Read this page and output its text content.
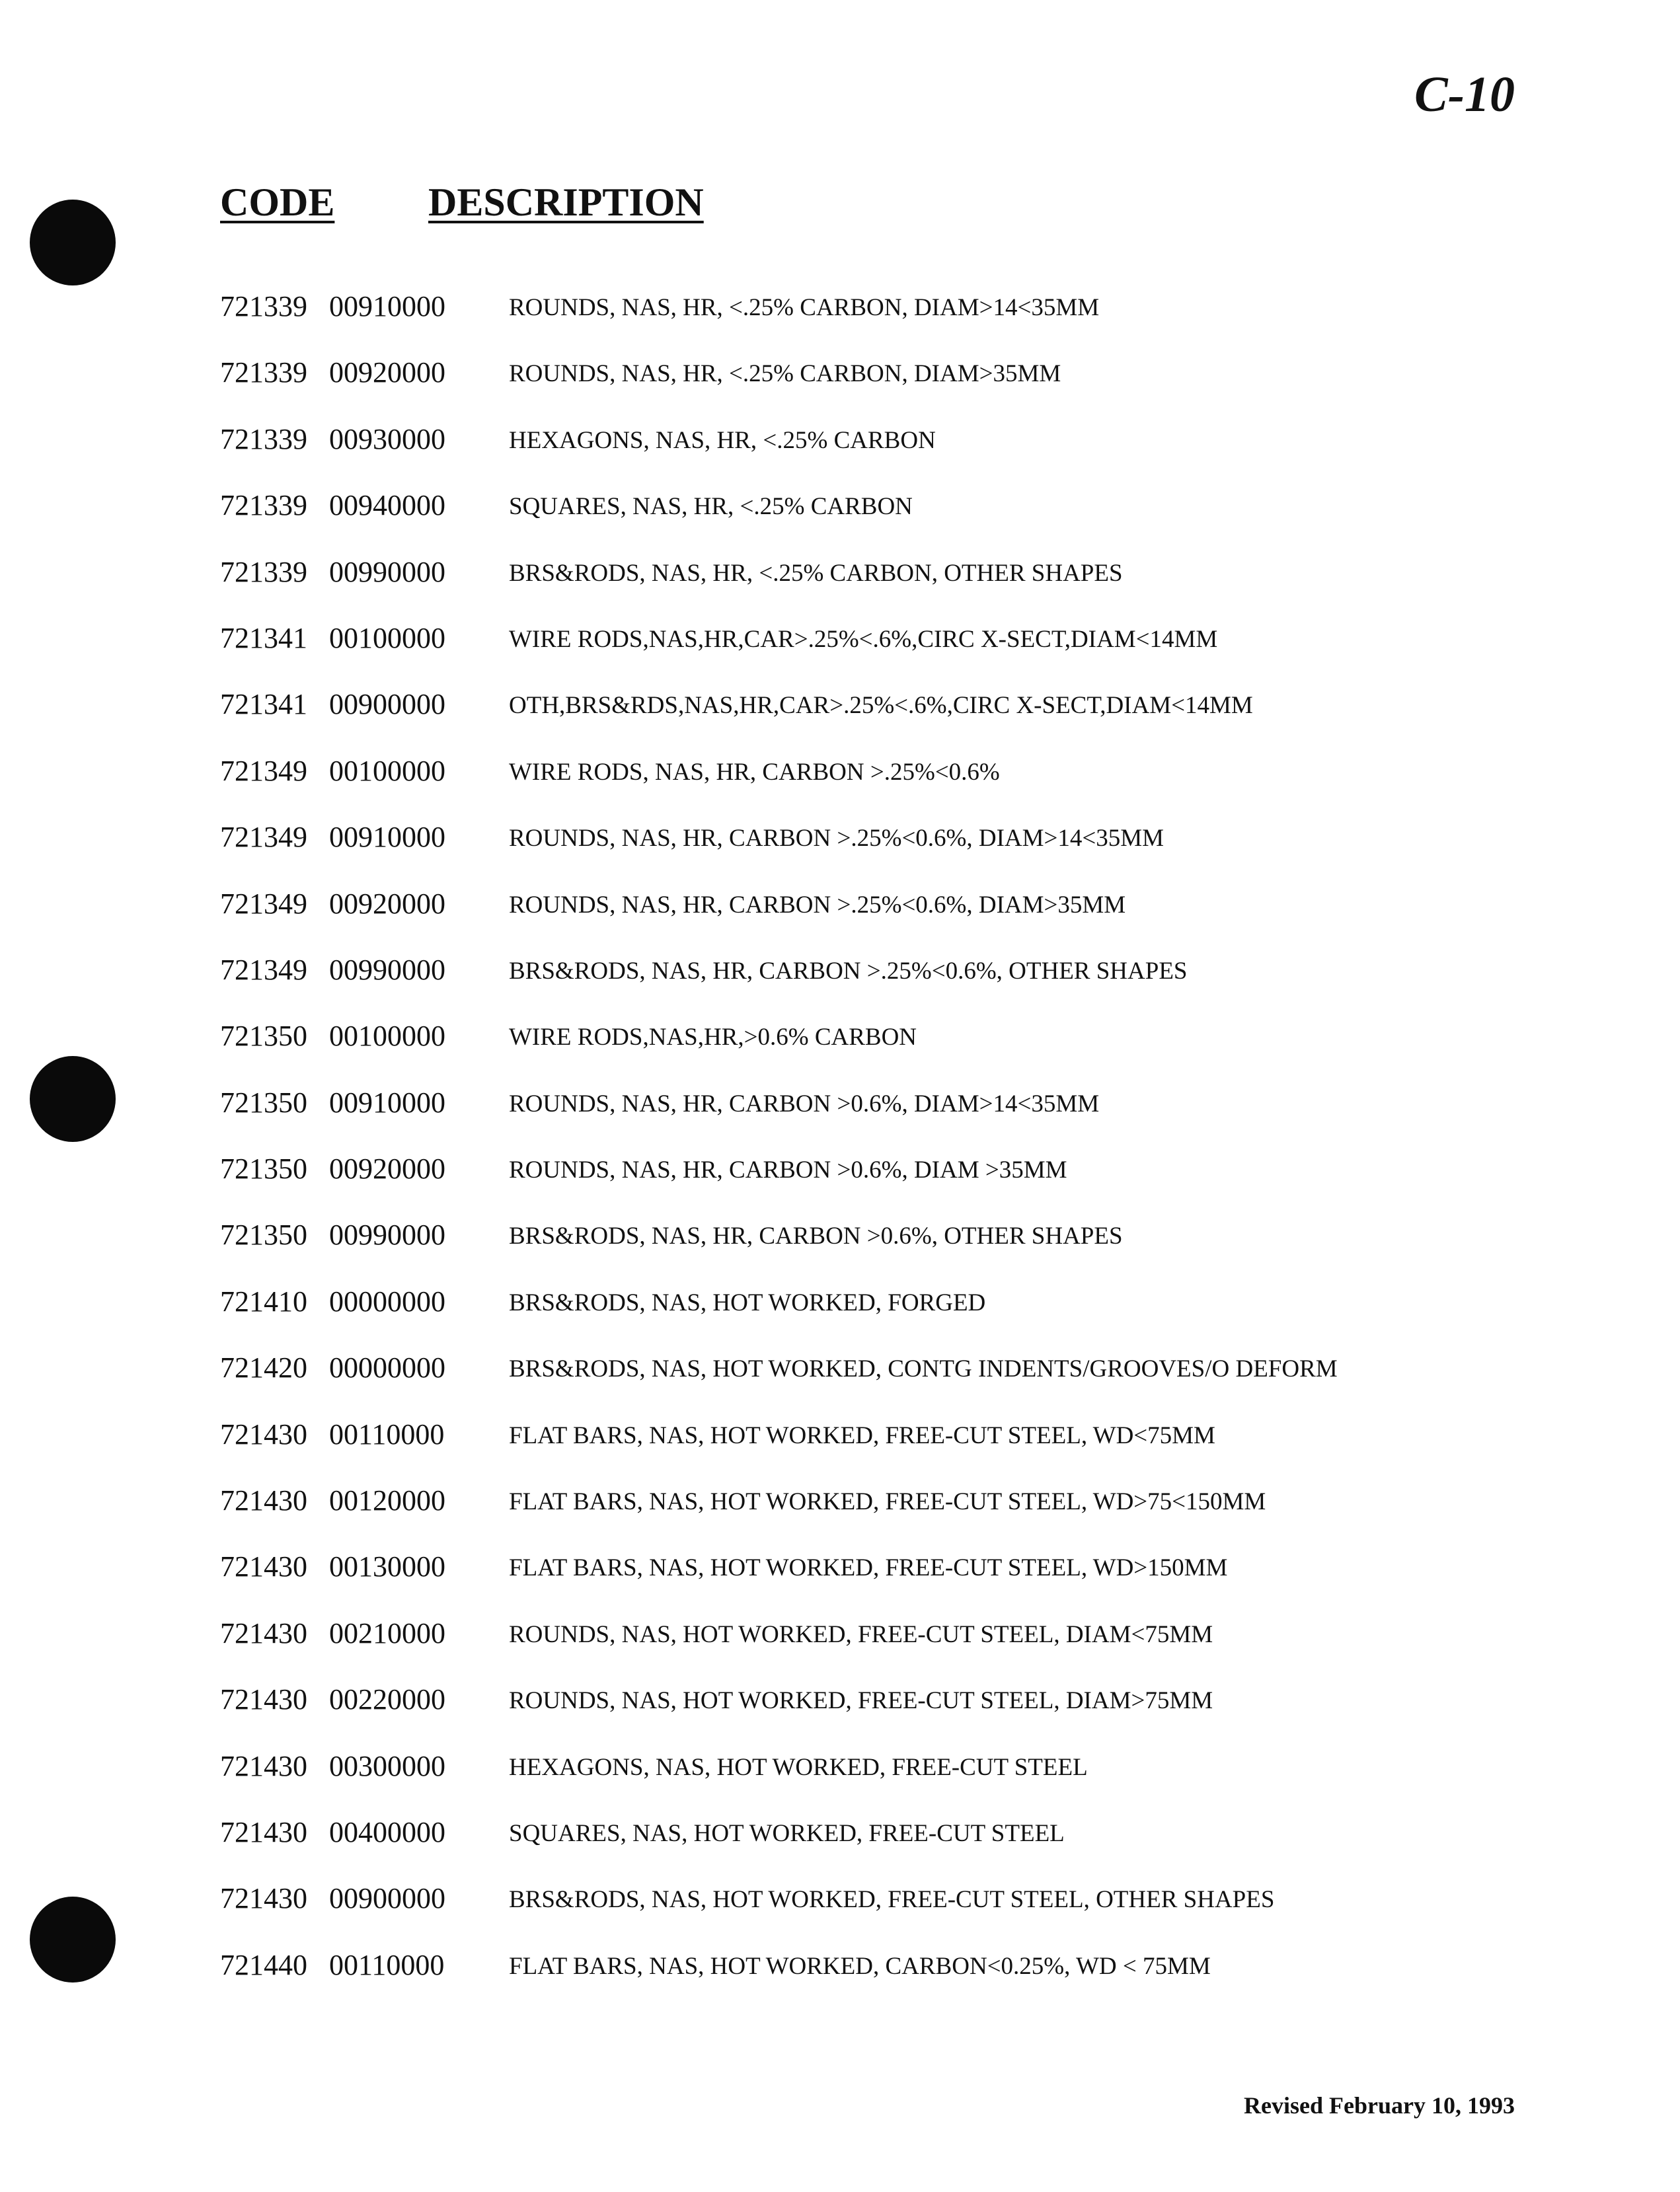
C-10
CODE DESCRIPTION
721339 00910000	ROUNDS, NAS, HR, <.25% CARBON, DIAM>14<35MM
721339 00920000	ROUNDS, NAS, HR, <.25% CARBON, DIAM>35MM
721339 00930000	HEXAGONS, NAS, HR, <.25% CARBON
721339 00940000	SQUARES, NAS, HR, <.25% CARBON
721339 00990000	BRS&RODS, NAS, HR, <.25% CARBON, OTHER SHAPES
721341 00100000	WIRE RODS,NAS,HR,CAR>.25%<.6%,CIRC X-SECT,DIAM<14MM
721341 00900000	OTH,BRS&RDS,NAS,HR,CAR>.25%<.6%,CIRC X-SECT,DIAM<14MM
721349 00100000	WIRE RODS, NAS, HR, CARBON >.25%<0.6%
721349 00910000	ROUNDS, NAS, HR, CARBON >.25%<0.6%, DIAM>14<35MM
721349 00920000	ROUNDS, NAS, HR, CARBON >.25%<0.6%, DIAM>35MM
721349 00990000	BRS&RODS, NAS, HR, CARBON >.25%<0.6%, OTHER SHAPES
721350 00100000	WIRE RODS,NAS,HR,>0.6% CARBON
721350 00910000	ROUNDS, NAS, HR, CARBON >0.6%, DIAM>14<35MM
721350 00920000	ROUNDS, NAS, HR, CARBON >0.6%, DIAM >35MM
721350 00990000	BRS&RODS, NAS, HR, CARBON >0.6%, OTHER SHAPES
721410 00000000	BRS&RODS, NAS, HOT WORKED, FORGED
721420 00000000	BRS&RODS, NAS, HOT WORKED, CONTG INDENTS/GROOVES/O DEFORM
721430 00110000	FLAT BARS, NAS, HOT WORKED, FREE-CUT STEEL, WD<75MM
721430 00120000	FLAT BARS, NAS, HOT WORKED, FREE-CUT STEEL, WD>75<150MM
721430 00130000	FLAT BARS, NAS, HOT WORKED, FREE-CUT STEEL, WD>150MM
721430 00210000	ROUNDS, NAS, HOT WORKED, FREE-CUT STEEL, DIAM<75MM
721430 00220000	ROUNDS, NAS, HOT WORKED, FREE-CUT STEEL, DIAM>75MM
721430 00300000	HEXAGONS, NAS, HOT WORKED, FREE-CUT STEEL
721430 00400000	SQUARES, NAS, HOT WORKED, FREE-CUT STEEL
721430 00900000	BRS&RODS, NAS, HOT WORKED, FREE-CUT STEEL, OTHER SHAPES
721440 00110000	FLAT BARS, NAS, HOT WORKED, CARBON<0.25%, WD < 75MM
Revised February 10, 1993
